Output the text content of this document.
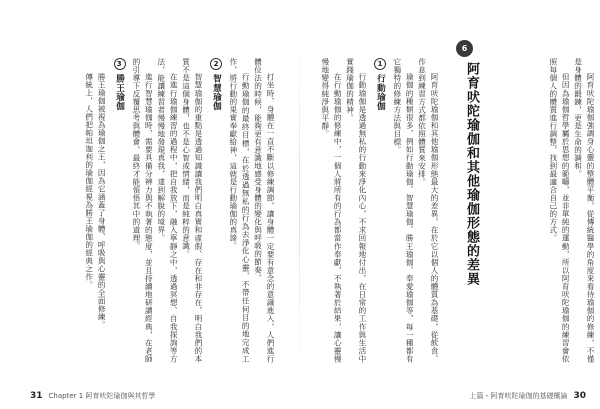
打坐時，身體在一直不斷以修練調節，讓身體一定要有意念的意識進入，人們進行體位法的時候，能夠更有意識地感受身體的變化與呼吸的節奏。

行動瑜伽的最終目標，在於透過無私的行為去淨化心靈，不帶任何目的地完成工作，將行動的果實奉獻給神，這就是行動瑜伽的真諦。

2
智慧瑜伽

智慧瑜伽的重點是透過知識讓我們明白真實和虛假、存在和非存在，明白我們的本質不是這個身體，也不是心智或情緒，而是純粹的意識。

在進行瑜伽練習的過程中，把自我放下，融入寧靜之中，透過冥想、自我探詢等方法，能讓練習者慢慢地發現真我，達到解脫的境界。

進行智慧瑜伽時，需要具備分辨力與不執著的態度，並且持續地研讀經典，在老師的引導下反覆思考與體會，最終才能領悟其中的道理。

3
勝王瑜伽

勝王瑜伽被視為瑜伽之王，因為它涵蓋了身體、呼吸與心靈的全面修練。

傳統上，人們把帕坦迦利的瑜伽經視為勝王瑜伽的經典之作。

31 Chapter 1 阿育吠陀瑜伽與其哲學

阿育吠陀瑜伽強調身心靈的整體平衡，從傳統醫學的角度來看待瑜伽的修練，不僅是身體的鍛鍊，更是生命的調和。

但因為瑜伽哲學屬於思想的範疇，並非單純的運動，所以阿育吠陀瑜伽的練習會依照每個人的體質進行調整，找到最適合自己的方式。

6
阿育吠陀瑜伽和其他瑜伽形態的差異

阿育吠陀瑜伽和其他瑜伽形態最大的差異，在於它以個人的體質為基礎，從飲食、作息到練習方式都依照體質來安排。

瑜伽的種類很多，例如行動瑜伽、智慧瑜伽、勝王瑜伽、奉愛瑜伽等，每一種都有它獨特的修練方法與目標。

1
行動瑜伽

行動瑜伽是透過無私的行動來淨化內心，不求回報地付出，在日常的工作與生活中實踐瑜伽的精神。

在行動瑜伽的修練中，一個人將所有的行為都當作奉獻，不執著於結果，讓心靈慢慢地變得純淨與平靜。

上篇・阿育吠陀瑜伽的基礎概論 30
